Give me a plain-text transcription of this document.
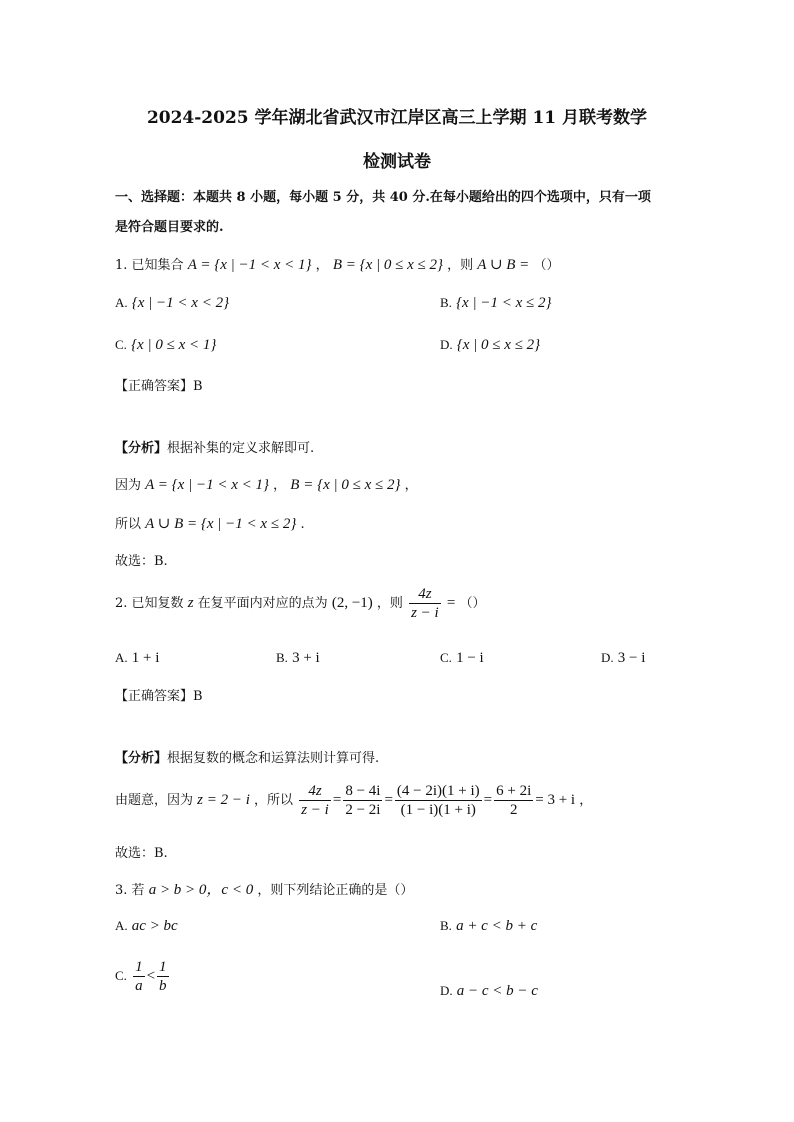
2024-2025 学年湖北省武汉市江岸区高三上学期 11 月联考数学
检测试卷
一、选择题：本题共 8 小题，每小题 5 分，共 40 分.在每小题给出的四个选项中，只有一项
是符合题目要求的.
1. 已知集合 A = {x | −1 < x < 1} ， B = {x | 0 ≤ x ≤ 2} ，则 A ∪ B = （）
A. {x | −1 < x < 2}	B. {x | −1 < x ≤ 2}
C. {x | 0 ≤ x < 1}	D. {x | 0 ≤ x ≤ 2}
【正确答案】B
【分析】根据补集的定义求解即可.
因为 A = {x | −1 < x < 1} ， B = {x | 0 ≤ x ≤ 2} ，
所以 A ∪ B = {x | −1 < x ≤ 2} .
故选：B.
2. 已知复数 z 在复平面内对应的点为 (2, −1) ，则 $\frac{4z}{z - i}$ = （）
A. 1 + i	B. 3 + i	C. 1 − i	D. 3 − i
【正确答案】B
【分析】根据复数的概念和运算法则计算可得.
由题意，因为 z = 2 − i ，所以 $\frac{4z}{z - i} = \frac{8 - 4i}{2 - 2i} = \frac{(4 - 2i)(1 + i)}{(1 - i)(1 + i)} = \frac{6 + 2i}{2} = 3 + i$ ，
故选：B.
3. 若 a > b > 0，c < 0 ，则下列结论正确的是（）
A. ac > bc	B. a + c < b + c
C. $\frac{1}{a} < \frac{1}{b}$	D. a − c < b − c
